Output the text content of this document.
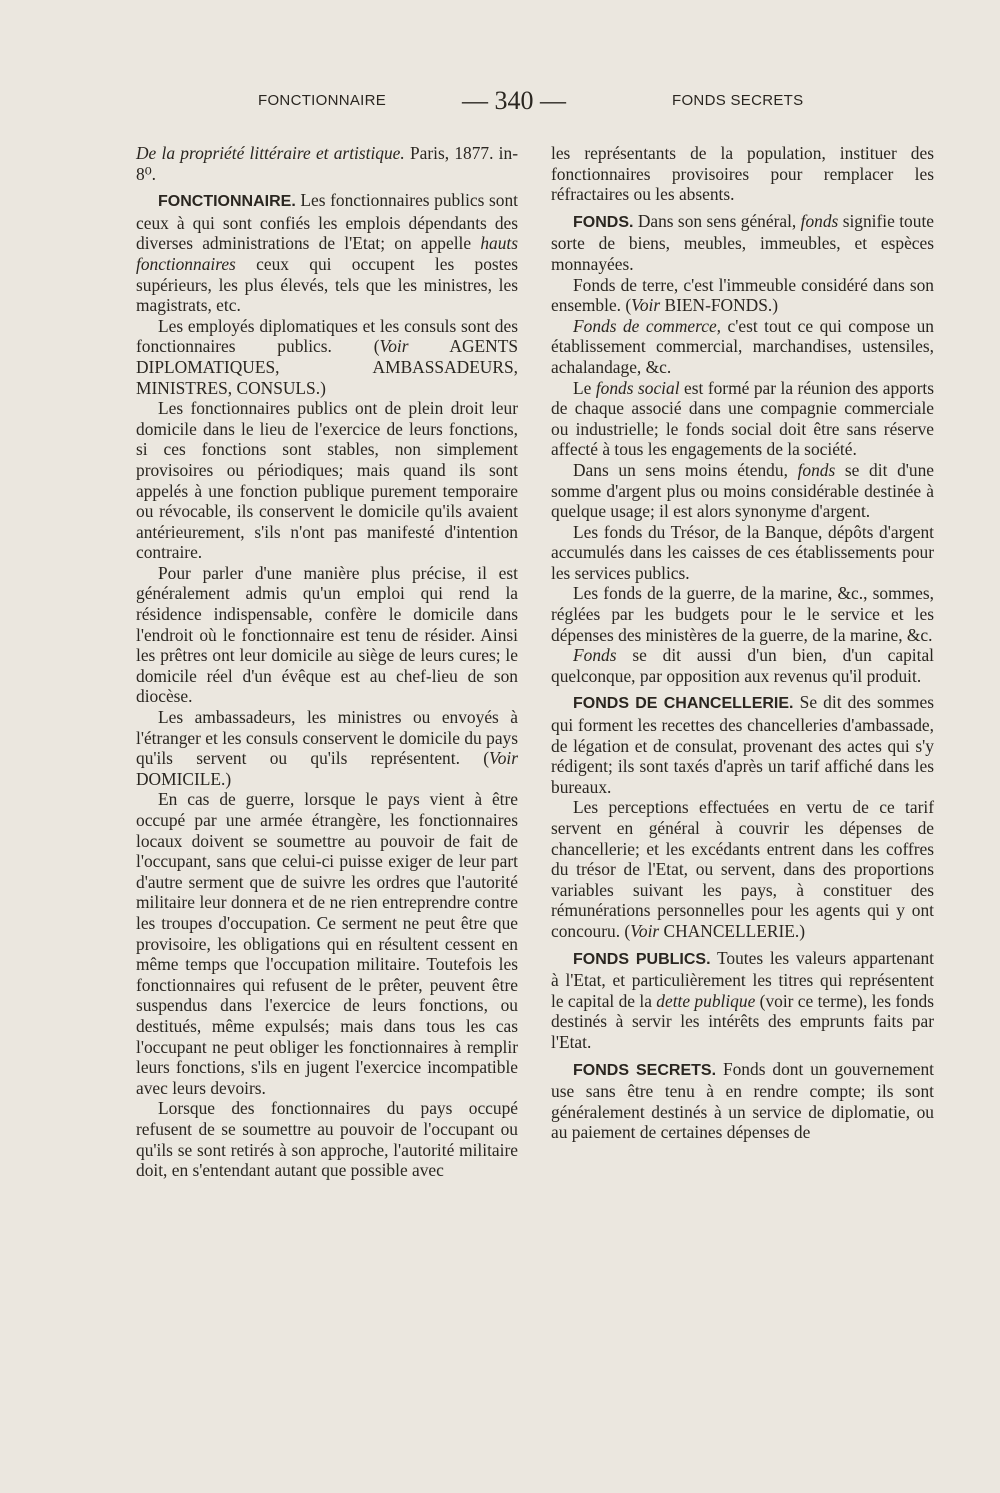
FONCTIONNAIRE	— 340 —	FONDS SECRETS

De la propriété littéraire et artistique. Paris, 1877. in-8⁰.

FONCTIONNAIRE. Les fonctionnaires publics sont ceux à qui sont confiés les emplois dépendants des diverses administrations de l'Etat; on appelle hauts fonctionnaires ceux qui occupent les postes supérieurs, les plus élevés, tels que les ministres, les magistrats, etc.

Les employés diplomatiques et les consuls sont des fonctionnaires publics. (Voir AGENTS DIPLOMATIQUES, AMBASSADEURS, MINISTRES, CONSULS.)

Les fonctionnaires publics ont de plein droit leur domicile dans le lieu de l'exercice de leurs fonctions, si ces fonctions sont stables, non simplement provisoires ou périodiques; mais quand ils sont appelés à une fonction publique purement temporaire ou révocable, ils conservent le domicile qu'ils avaient antérieurement, s'ils n'ont pas manifesté d'intention contraire.

Pour parler d'une manière plus précise, il est généralement admis qu'un emploi qui rend la résidence indispensable, confère le domicile dans l'endroit où le fonctionnaire est tenu de résider. Ainsi les prêtres ont leur domicile au siège de leurs cures; le domicile réel d'un évêque est au chef-lieu de son diocèse.

Les ambassadeurs, les ministres ou envoyés à l'étranger et les consuls conservent le domicile du pays qu'ils servent ou qu'ils représentent. (Voir DOMICILE.)

En cas de guerre, lorsque le pays vient à être occupé par une armée étrangère, les fonctionnaires locaux doivent se soumettre au pouvoir de fait de l'occupant, sans que celui-ci puisse exiger de leur part d'autre serment que de suivre les ordres que l'autorité militaire leur donnera et de ne rien entreprendre contre les troupes d'occupation. Ce serment ne peut être que provisoire, les obligations qui en résultent cessent en même temps que l'occupation militaire. Toutefois les fonctionnaires qui refusent de le prêter, peuvent être suspendus dans l'exercice de leurs fonctions, ou destitués, même expulsés; mais dans tous les cas l'occupant ne peut obliger les fonctionnaires à remplir leurs fonctions, s'ils en jugent l'exercice incompatible avec leurs devoirs.

Lorsque des fonctionnaires du pays occupé refusent de se soumettre au pouvoir de l'occupant ou qu'ils se sont retirés à son approche, l'autorité militaire doit, en s'entendant autant que possible avec

les représentants de la population, instituer des fonctionnaires provisoires pour remplacer les réfractaires ou les absents.

FONDS. Dans son sens général, fonds signifie toute sorte de biens, meubles, immeubles, et espèces monnayées.

Fonds de terre, c'est l'immeuble considéré dans son ensemble. (Voir BIEN-FONDS.)

Fonds de commerce, c'est tout ce qui compose un établissement commercial, marchandises, ustensiles, achalandage, &c.

Le fonds social est formé par la réunion des apports de chaque associé dans une compagnie commerciale ou industrielle; le fonds social doit être sans réserve affecté à tous les engagements de la société.

Dans un sens moins étendu, fonds se dit d'une somme d'argent plus ou moins considérable destinée à quelque usage; il est alors synonyme d'argent.

Les fonds du Trésor, de la Banque, dépôts d'argent accumulés dans les caisses de ces établissements pour les services publics.

Les fonds de la guerre, de la marine, &c., sommes, réglées par les budgets pour le le service et les dépenses des ministères de la guerre, de la marine, &c.

Fonds se dit aussi d'un bien, d'un capital quelconque, par opposition aux revenus qu'il produit.

FONDS DE CHANCELLERIE. Se dit des sommes qui forment les recettes des chancelleries d'ambassade, de légation et de consulat, provenant des actes qui s'y rédigent; ils sont taxés d'après un tarif affiché dans les bureaux.

Les perceptions effectuées en vertu de ce tarif servent en général à couvrir les dépenses de chancellerie; et les excédants entrent dans les coffres du trésor de l'Etat, ou servent, dans des proportions variables suivant les pays, à constituer des rémunérations personnelles pour les agents qui y ont concouru. (Voir CHANCELLERIE.)

FONDS PUBLICS. Toutes les valeurs appartenant à l'Etat, et particulièrement les titres qui représentent le capital de la dette publique (voir ce terme), les fonds destinés à servir les intérêts des emprunts faits par l'Etat.

FONDS SECRETS. Fonds dont un gouvernement use sans être tenu à en rendre compte; ils sont généralement destinés à un service de diplomatie, ou au paiement de certaines dépenses de
